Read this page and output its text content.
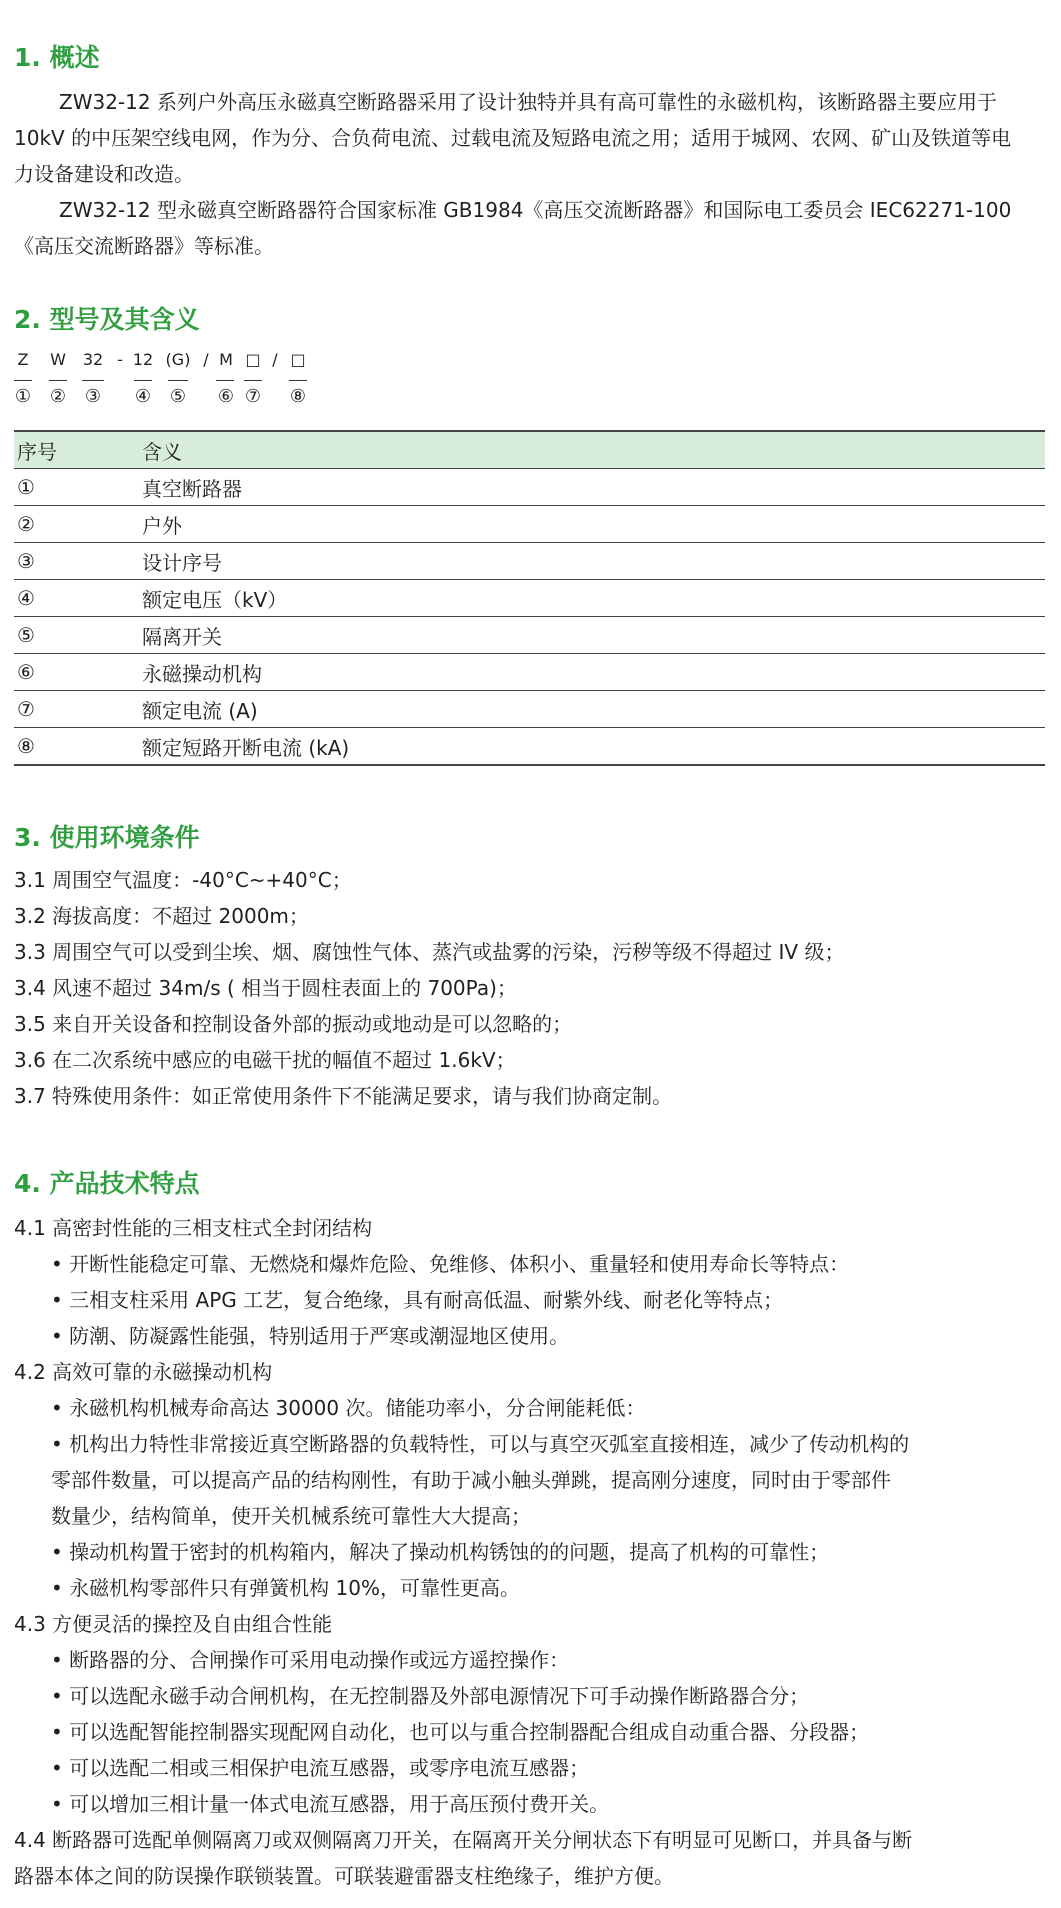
1. 概述

ZW32-12 系列户外高压永磁真空断路器采用了设计独特并具有高可靠性的永磁机构，该断路器主要应用于 10kV 的中压架空线电网，作为分、合负荷电流、过载电流及短路电流之用；适用于城网、农网、矿山及铁道等电力设备建设和改造。

ZW32-12 型永磁真空断路器符合国家标准 GB1984《高压交流断路器》和国际电工委员会 IEC62271-100《高压交流断路器》等标准。

2. 型号及其含义
Z	W	32 - 12 (G) / M □ / □
① ② ③ ④ ⑤ ⑥ ⑦ ⑧
序号	含义
①	真空断路器
②	户外
③	设计序号
④	额定电压（kV）
⑤	隔离开关
⑥	永磁操动机构
⑦	额定电流 (A)
⑧	额定短路开断电流 (kA)
3. 使用环境条件

3.1 周围空气温度：-40°C~+40°C；

3.2 海拔高度：不超过 2000m；

3.3 周围空气可以受到尘埃、烟、腐蚀性气体、蒸汽或盐雾的污染，污秽等级不得超过 IV 级；

3.4 风速不超过 34m/s ( 相当于圆柱表面上的 700Pa)；

3.5 来自开关设备和控制设备外部的振动或地动是可以忽略的；

3.6 在二次系统中感应的电磁干扰的幅值不超过 1.6kV；

3.7 特殊使用条件：如正常使用条件下不能满足要求，请与我们协商定制。

4. 产品技术特点

4.1 高密封性能的三相支柱式全封闭结构

• 开断性能稳定可靠、无燃烧和爆炸危险、免维修、体积小、重量轻和使用寿命长等特点：

• 三相支柱采用 APG 工艺，复合绝缘，具有耐高低温、耐紫外线、耐老化等特点；

• 防潮、防凝露性能强，特别适用于严寒或潮湿地区使用。

4.2 高效可靠的永磁操动机构

• 永磁机构机械寿命高达 30000 次。储能功率小，分合闸能耗低：

• 机构出力特性非常接近真空断路器的负载特性，可以与真空灭弧室直接相连，减少了传动机构的

零部件数量，可以提高产品的结构刚性，有助于减小触头弹跳，提高刚分速度，同时由于零部件

数量少，结构简单，使开关机械系统可靠性大大提高；

• 操动机构置于密封的机构箱内，解决了操动机构锈蚀的的问题，提高了机构的可靠性；

• 永磁机构零部件只有弹簧机构 10%，可靠性更高。

4.3 方便灵活的操控及自由组合性能

• 断路器的分、合闸操作可采用电动操作或远方遥控操作：

• 可以选配永磁手动合闸机构，在无控制器及外部电源情况下可手动操作断路器合分；

• 可以选配智能控制器实现配网自动化，也可以与重合控制器配合组成自动重合器、分段器；

• 可以选配二相或三相保护电流互感器，或零序电流互感器；

• 可以增加三相计量一体式电流互感器，用于高压预付费开关。

4.4 断路器可选配单侧隔离刀或双侧隔离刀开关，在隔离开关分闸状态下有明显可见断口，并具备与断

路器本体之间的防误操作联锁装置。可联装避雷器支柱绝缘子，维护方便。
